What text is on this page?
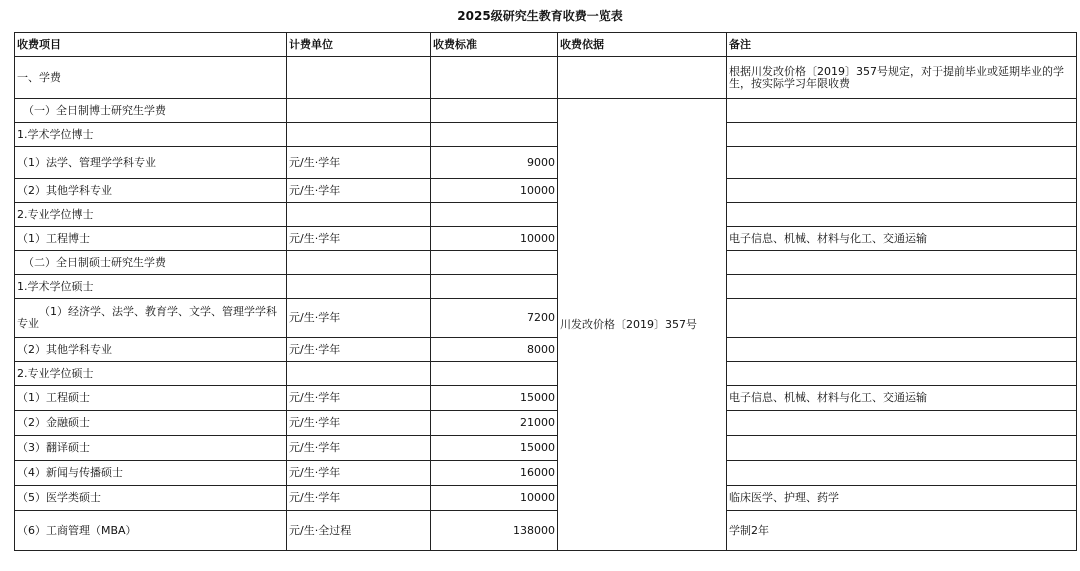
2025级研究生教育收费一览表
收费项目	计费单位	收费标准	收费依据	备注
一、学费				根据川发改价格〔2019〕357号规定，对于提前毕业或延期毕业的学生，按实际学习年限收费
（一）全日制博士研究生学费			川发改价格〔2019〕357号	
1.学术学位博士				
（1）法学、管理学学科专业	元/生·学年	9000		
（2）其他学科专业	元/生·学年	10000		
2.专业学位博士				
（1）工程博士	元/生·学年	10000		电子信息、机械、材料与化工、交通运输
（二）全日制硕士研究生学费				
1.学术学位硕士				
（1）经济学、法学、教育学、文学、管理学学科专业	元/生·学年	7200		
（2）其他学科专业	元/生·学年	8000		
2.专业学位硕士				
（1）工程硕士	元/生·学年	15000		电子信息、机械、材料与化工、交通运输
（2）金融硕士	元/生·学年	21000		
（3）翻译硕士	元/生·学年	15000		
（4）新闻与传播硕士	元/生·学年	16000		
（5）医学类硕士	元/生·学年	10000		临床医学、护理、药学
（6）工商管理（MBA）	元/生·全过程	138000		学制2年
